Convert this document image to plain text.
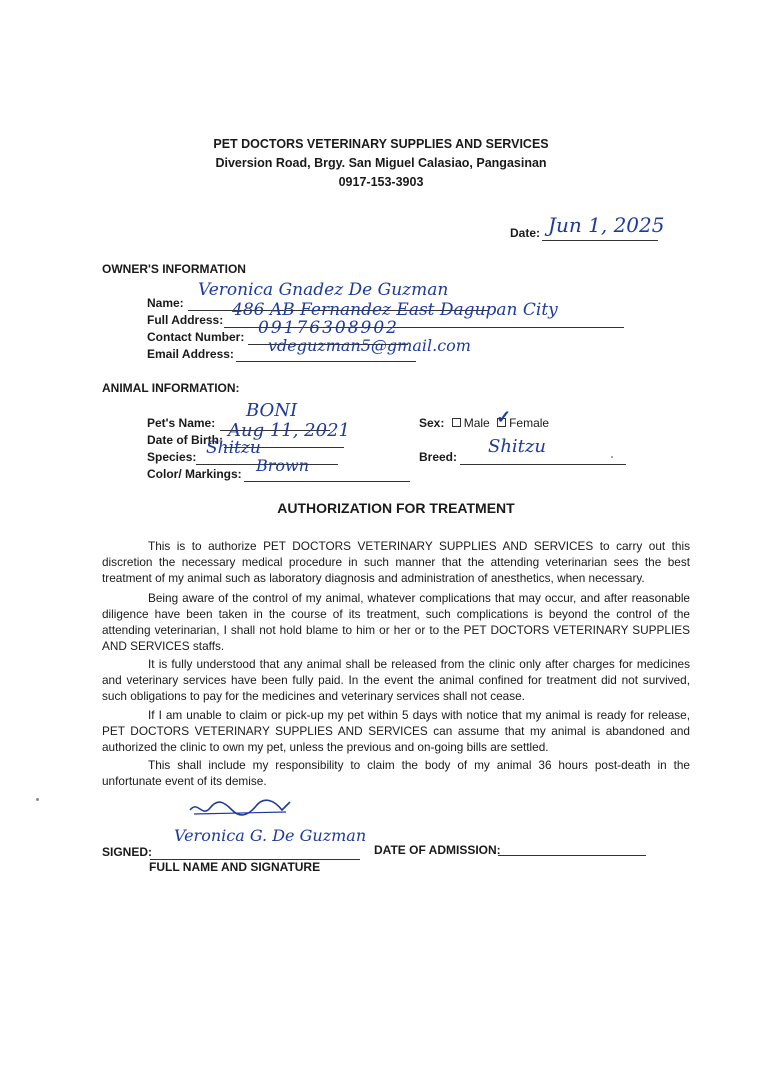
PET DOCTORS VETERINARY SUPPLIES AND SERVICES
Diversion Road, Brgy. San Miguel Calasiao, Pangasinan
0917-153-3903
Date: Jun 1, 2025
OWNER'S INFORMATION
Name:
Veronica Gnadez De Guzman
Full Address: 486 AB Fernandez East Dagupan City
Contact Number: 09176308902
Email Address: vdeguzman5@gmail.com
ANIMAL INFORMATION:
Pet's Name:
BONI
Date of Birth: Aug 11, 2021
Species: Shitzu
Color/ Markings: Brown
Sex: Male ✓
Female
Breed: Shitzu
AUTHORIZATION FOR TREATMENT

This is to authorize PET DOCTORS VETERINARY SUPPLIES AND SERVICES to carry out this discretion the necessary medical procedure in such manner that the attending veterinarian sees the best treatment of my animal such as laboratory diagnosis and administration of anesthetics, when necessary.

Being aware of the control of my animal, whatever complications that may occur, and after reasonable diligence have been taken in the course of its treatment, such complications is beyond the control of the attending veterinarian, I shall not hold blame to him or her or to the PET DOCTORS VETERINARY SUPPLIES AND SERVICES staffs.

It is fully understood that any animal shall be released from the clinic only after charges for medicines and veterinary services have been fully paid. In the event the animal confined for treatment did not survived, such obligations to pay for the medicines and veterinary services shall not cease.

If I am unable to claim or pick-up my pet within 5 days with notice that my animal is ready for release, PET DOCTORS VETERINARY SUPPLIES AND SERVICES can assume that my animal is abandoned and authorized the clinic to own my pet, unless the previous and on-going bills are settled.

This shall include my responsibility to claim the body of my animal 36 hours post-death in the unfortunate event of its demise.

SIGNED:
Veronica G. De Guzman
FULL NAME AND SIGNATURE
DATE OF ADMISSION:
